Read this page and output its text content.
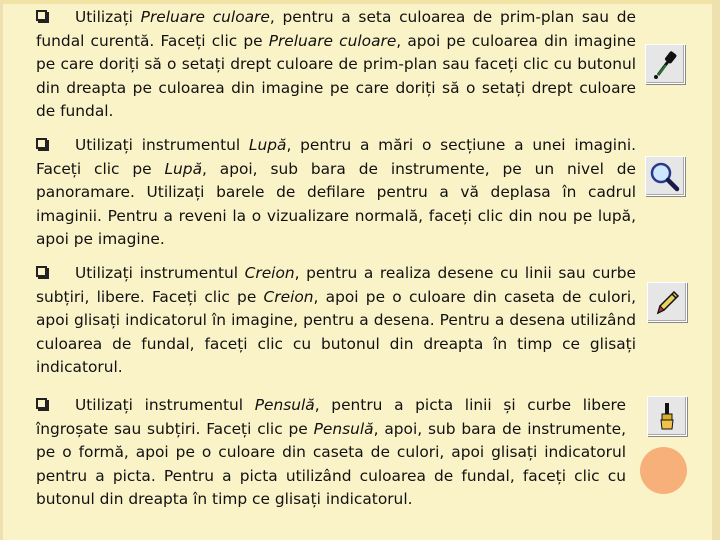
Utilizați Preluare culoare, pentru a seta culoarea de prim-plan sau de fundal curentă. Faceți clic pe Preluare culoare, apoi pe culoarea din imagine pe care doriți să o setați drept culoare de prim-plan sau faceți clic cu butonul din dreapta pe culoarea din imagine pe care doriți să o setați drept culoare de fundal.

Utilizați instrumentul Lupă, pentru a mări o secțiune a unei imagini. Faceți clic pe Lupă, apoi, sub bara de instrumente, pe un nivel de panoramare. Utilizați barele de defilare pentru a vă deplasa în cadrul imaginii. Pentru a reveni la o vizualizare normală, faceți clic din nou pe lupă, apoi pe imagine.

Utilizați instrumentul Creion, pentru a realiza desene cu linii sau curbe subțiri, libere. Faceți clic pe Creion, apoi pe o culoare din caseta de culori, apoi glisați indicatorul în imagine, pentru a desena. Pentru a desena utilizând culoarea de fundal, faceți clic cu butonul din dreapta în timp ce glisați indicatorul.

Utilizați instrumentul Pensulă, pentru a picta linii și curbe libere îngroșate sau subțiri. Faceți clic pe Pensulă, apoi, sub bara de instrumente, pe o formă, apoi pe o culoare din caseta de culori, apoi glisați indicatorul pentru a picta. Pentru a picta utilizând culoarea de fundal, faceți clic cu butonul din dreapta în timp ce glisați indicatorul.
